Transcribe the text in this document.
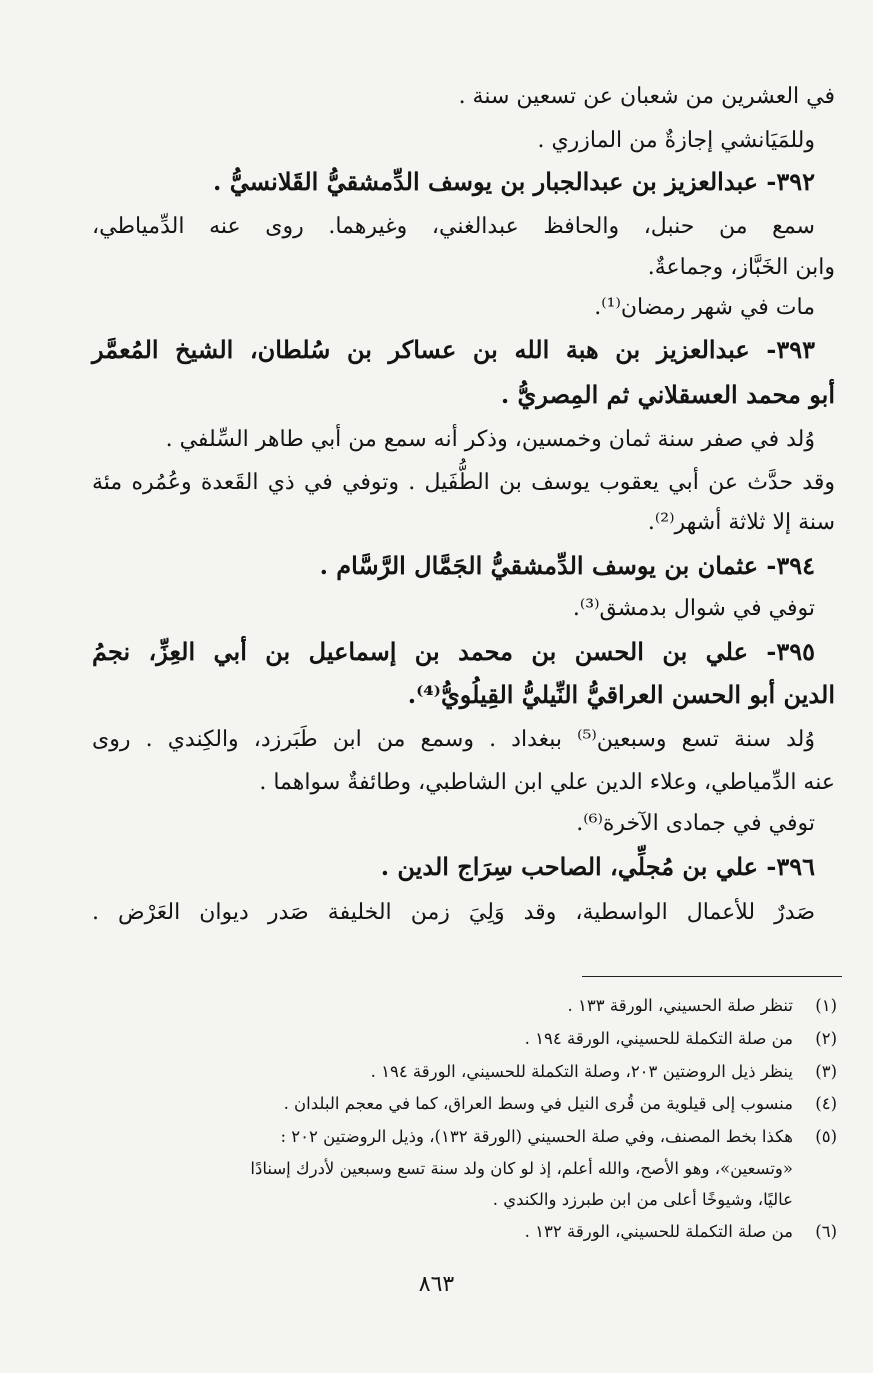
في العشرين من شعبان عن تسعين سنة .
وللمَيَانشي إجازةٌ من المازري .
٣٩٢- عبدالعزيز بن عبدالجبار بن يوسف الدِّمشقيُّ القَلانسيُّ .
سمع من حنبل، والحافظ عبدالغني، وغيرهما. روى عنه الدِّمياطي،
وابن الخَبَّاز، وجماعةٌ.
مات في شهر رمضان⁽¹⁾.
٣٩٣- عبدالعزيز بن هبة الله بن عساكر بن سُلطان، الشيخ المُعمَّر
أبو محمد العسقلاني ثم المِصريُّ .
وُلد في صفر سنة ثمان وخمسين، وذكر أنه سمع من أبي طاهر السِّلفي .
وقد حدَّث عن أبي يعقوب يوسف بن الطُّفَيل . وتوفي في ذي القَعدة وعُمُره مئة
سنة إلا ثلاثة أشهر⁽²⁾.
٣٩٤- عثمان بن يوسف الدِّمشقيُّ الجَمَّال الرَّسَّام .
توفي في شوال بدمشق⁽³⁾.
٣٩٥- علي بن الحسن بن محمد بن إسماعيل بن أبي العِزِّ، نجمُ
الدين أبو الحسن العراقيُّ النِّيليُّ القِيلُويُّ⁽⁴⁾.
وُلد سنة تسع وسبعين⁽⁵⁾ ببغداد . وسمع من ابن طَبَرزد، والكِندي . روى
عنه الدِّمياطي، وعلاء الدين علي ابن الشاطبي، وطائفةٌ سواهما .
توفي في جمادى الآخرة⁽⁶⁾.
٣٩٦- علي بن مُجلِّي، الصاحب سِرَاج الدين .
صَدرٌ للأعمال الواسطية، وقد وَلِيَ زمن الخليفة صَدر ديوان العَرْض .
(١)تنظر صلة الحسيني، الورقة ١٣٣ .
(٢)من صلة التكملة للحسيني، الورقة ١٩٤ .
(٣)ينظر ذيل الروضتين ٢٠٣، وصلة التكملة للحسيني، الورقة ١٩٤ .
(٤)منسوب إلى قيلوية من قُرى النيل في وسط العراق، كما في معجم البلدان .
(٥)هكذا بخط المصنف، وفي صلة الحسيني (الورقة ١٣٢)، وذيل الروضتين ٢٠٢ :
«وتسعين»، وهو الأصح، والله أعلم، إذ لو كان ولد سنة تسع وسبعين لأدرك إسنادًا
عاليًا، وشيوخًا أعلى من ابن طبرزد والكندي .
(٦)من صلة التكملة للحسيني، الورقة ١٣٢ .
٨٦٣
